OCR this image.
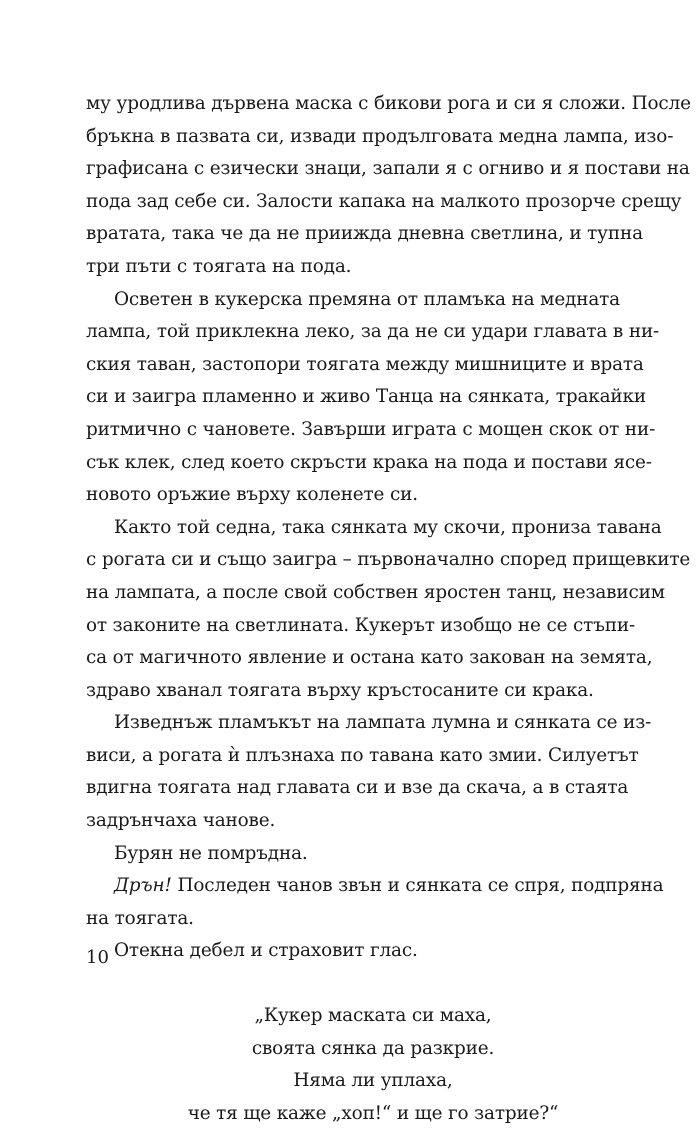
му уродлива дървена маска с бикови рога и си я сложи. После
бръкна в пазвата си, извади продълговата медна лампа, изо-
графисана с езически знаци, запали я с огниво и я постави на
пода зад себе си. Залости капака на малкото прозорче срещу
вратата, така че да не приижда дневна светлина, и тупна
три пъти с тоягата на пода.
Осветен в кукерска премяна от пламъка на медната
лампа, той приклекна леко, за да не си удари главата в ни-
ския таван, застопори тоягата между мишниците и врата
си и заигра пламенно и живо Танца на сянката, тракайки
ритмично с чановете. Завърши играта с мощен скок от ни-
сък клек, след което скръсти крака на пода и постави ясе-
новото оръжие върху коленете си.
Както той седна, така сянката му скочи, прониза тавана
с рогата си и също заигра – първоначално според прищевките
на лампата, а после свой собствен яростен танц, независим
от законите на светлината. Кукерът изобщо не се стъпи-
са от магичното явление и остана като закован на земята,
здраво хванал тоягата върху кръстосаните си крака.
Изведнъж пламъкът на лампата лумна и сянката се из-
виси, а рогата ѝ плъзнаха по тавана като змии. Силуетът
вдигна тоягата над главата си и взе да скача, а в стаята
задрънчаха чанове.
Бурян не помръдна.
Дрън! Последен чанов звън и сянката се спря, подпряна
на тоягата.
Отекна дебел и страховит глас.
„Кукер маската си маха,
своята сянка да разкрие.
Няма ли уплаха,
че тя ще каже „хоп!“ и ще го затрие?“
10
